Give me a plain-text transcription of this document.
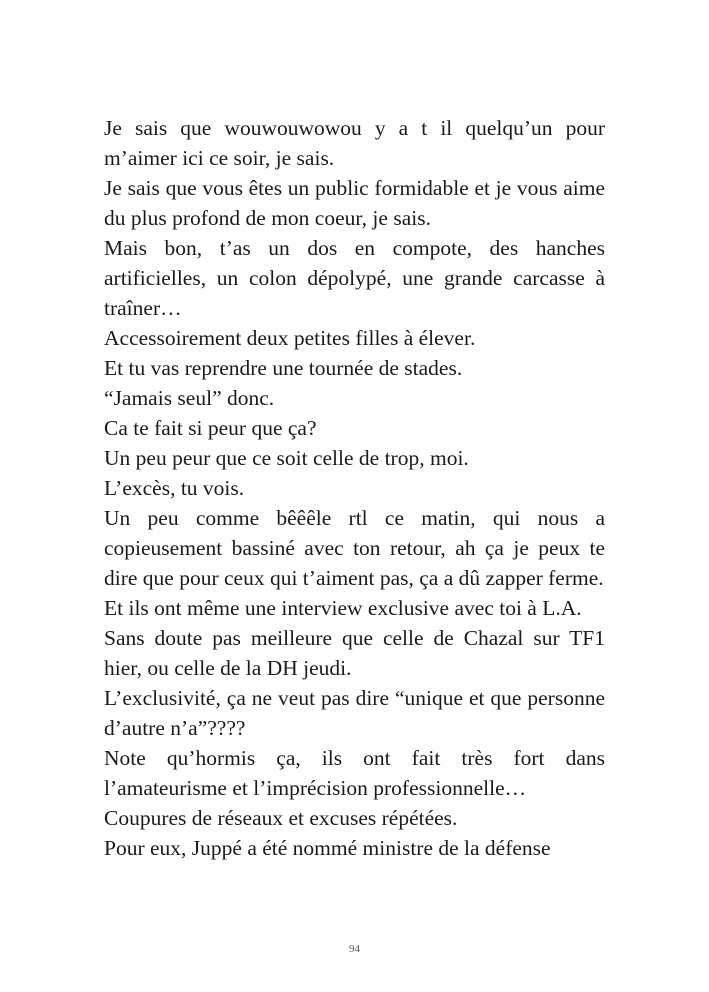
Je sais que wouwouwowou y a t il quelqu’un pour m’aimer ici ce soir, je sais.

Je sais que vous êtes un public formidable et je vous aime du plus profond de mon coeur, je sais.

Mais bon, t’as un dos en compote, des hanches artificielles, un colon dépolypé, une grande carcasse à traîner…

Accessoirement deux petites filles à élever.

Et tu vas reprendre une tournée de stades.

“Jamais seul” donc.

Ca te fait si peur que ça?

Un peu peur que ce soit celle de trop, moi.

L’excès, tu vois.

Un peu comme bêêêle rtl ce matin, qui nous a copieusement bassiné avec ton retour, ah ça je peux te dire que pour ceux qui t’aiment pas, ça a dû zapper ferme.

Et ils ont même une interview exclusive avec toi à L.A.

Sans doute pas meilleure que celle de Chazal sur TF1 hier, ou celle de la DH jeudi.

L’exclusivité, ça ne veut pas dire “unique et que personne d’autre n’a”????

Note qu’hormis ça, ils ont fait très fort dans l’amateurisme et l’imprécision professionnelle…

Coupures de réseaux et excuses répétées.

Pour eux, Juppé a été nommé ministre de la défense

94
